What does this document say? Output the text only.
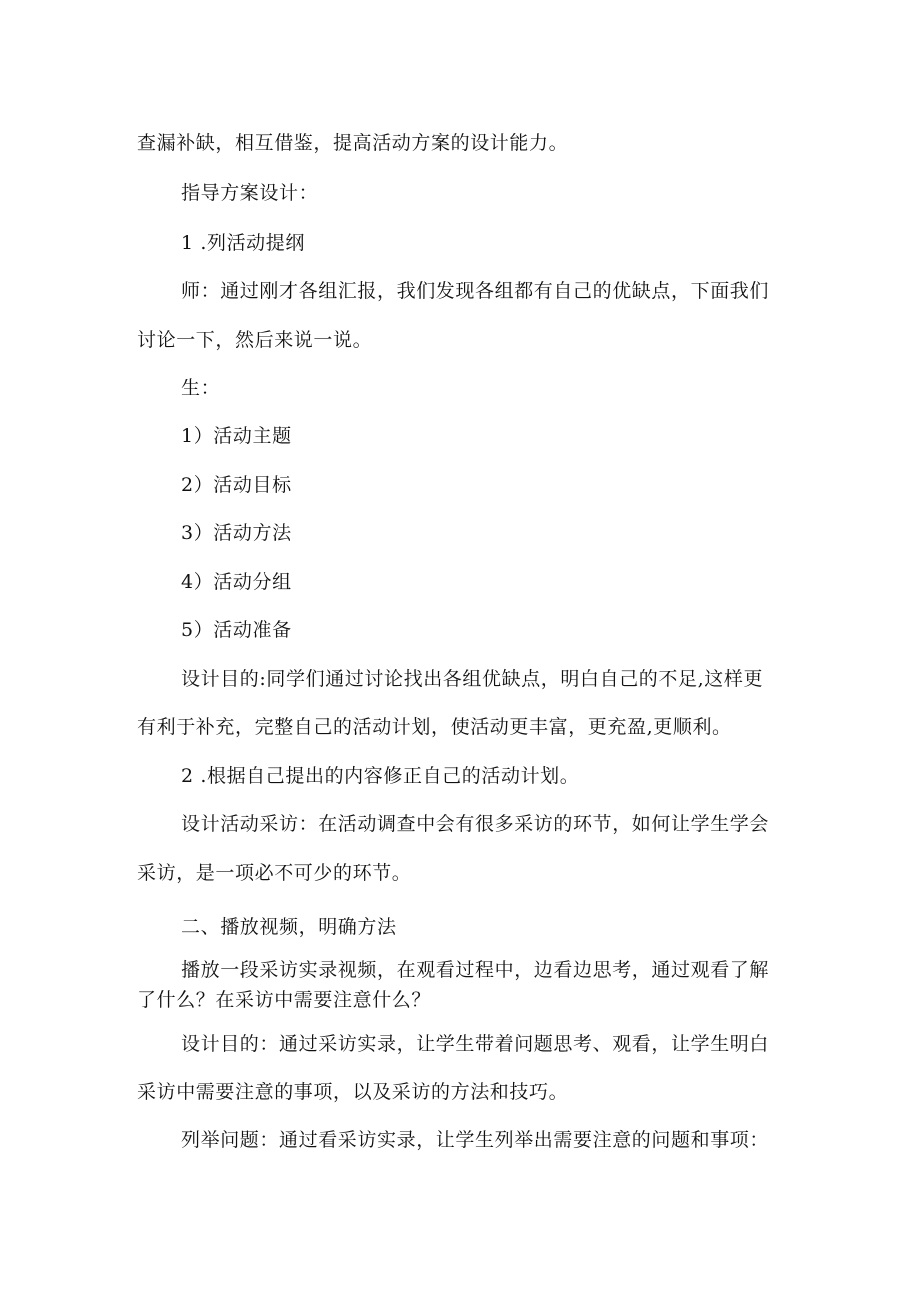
查漏补缺，相互借鉴，提高活动方案的设计能力。
指导方案设计：
1 .列活动提纲
师：通过刚才各组汇报，我们发现各组都有自己的优缺点，下面我们
讨论一下，然后来说一说。
生：
1）活动主题
2）活动目标
3）活动方法
4）活动分组
5）活动准备
设计目的:同学们通过讨论找出各组优缺点，明白自己的不足,这样更
有利于补充，完整自己的活动计划，使活动更丰富，更充盈,更顺利。
2 .根据自己提出的内容修正自己的活动计划。
设计活动采访：在活动调查中会有很多采访的环节，如何让学生学会
采访，是一项必不可少的环节。
二、播放视频，明确方法
播放一段采访实录视频，在观看过程中，边看边思考，通过观看了解
了什么？在采访中需要注意什么？
设计目的：通过采访实录，让学生带着问题思考、观看，让学生明白
采访中需要注意的事项，以及采访的方法和技巧。
列举问题：通过看采访实录，让学生列举出需要注意的问题和事项：
